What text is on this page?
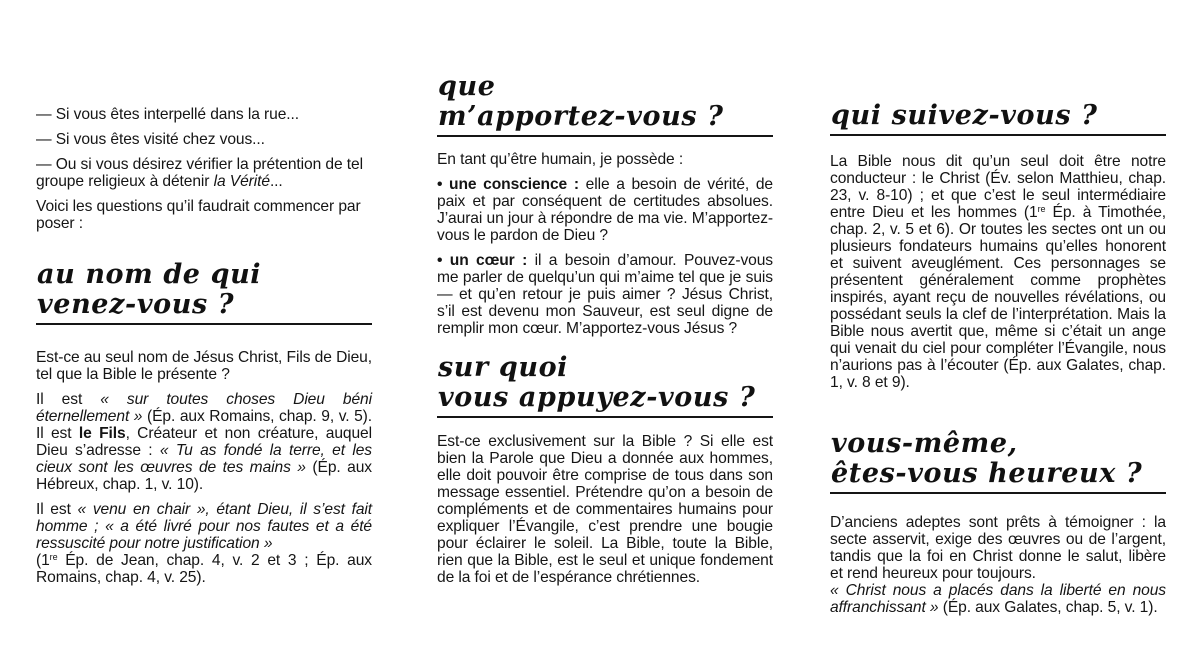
— Si vous êtes interpellé dans la rue...

— Si vous êtes visité chez vous...

— Ou si vous désirez vérifier la prétention de tel groupe religieux à détenir la Vérité...

Voici les questions qu’il faudrait commencer par poser :

au nom de qui
venez-vous ?

Est-ce au seul nom de Jésus Christ, Fils de Dieu, tel que la Bible le présente ?

Il est « sur toutes choses Dieu béni éternellement » (Ép. aux Romains, chap. 9, v. 5). Il est le Fils, Créateur et non créature, auquel Dieu s’adresse : « Tu as fondé la terre, et les cieux sont les œuvres de tes mains » (Ép. aux Hébreux, chap. 1, v. 10).

Il est « venu en chair », étant Dieu, il s’est fait homme ; « a été livré pour nos fautes et a été ressuscité pour notre justification »
(1re Ép. de Jean, chap. 4, v. 2 et 3 ; Ép. aux Romains, chap. 4, v. 25).

que
m’apportez-vous ?

En tant qu’être humain, je possède :

• une conscience : elle a besoin de vérité, de paix et par conséquent de certitudes absolues. J’aurai un jour à répondre de ma vie. M’apportez-vous le pardon de Dieu ?

• un cœur : il a besoin d’amour. Pouvez-vous me parler de quelqu’un qui m’aime tel que je suis — et qu’en retour je puis aimer ? Jésus Christ, s’il est devenu mon Sauveur, est seul digne de remplir mon cœur. M’apportez-vous Jésus ?

sur quoi
vous appuyez-vous ?

Est-ce exclusivement sur la Bible ? Si elle est bien la Parole que Dieu a donnée aux hommes, elle doit pouvoir être comprise de tous dans son message essentiel. Prétendre qu’on a besoin de compléments et de commentaires humains pour expliquer l’Évangile, c’est prendre une bougie pour éclairer le soleil. La Bible, toute la Bible, rien que la Bible, est le seul et unique fondement de la foi et de l’espérance chrétiennes.

qui suivez-vous ?

La Bible nous dit qu’un seul doit être notre conducteur : le Christ (Év. selon Matthieu, chap. 23, v. 8-10) ; et que c’est le seul intermédiaire entre Dieu et les hommes (1re Ép. à Timothée, chap. 2, v. 5 et 6). Or toutes les sectes ont un ou plusieurs fondateurs humains qu’elles honorent et suivent aveuglément. Ces personnages se présentent généralement comme prophètes inspirés, ayant reçu de nouvelles révélations, ou possédant seuls la clef de l’interprétation. Mais la Bible nous avertit que, même si c’était un ange qui venait du ciel pour compléter l’Évangile, nous n’aurions pas à l’écouter (Ép. aux Galates, chap. 1, v. 8 et 9).

vous-même,
êtes-vous heureux ?

D’anciens adeptes sont prêts à témoigner : la secte asservit, exige des œuvres ou de l’argent, tandis que la foi en Christ donne le salut, libère et rend heureux pour toujours.

« Christ nous a placés dans la liberté en nous affranchissant » (Ép. aux Galates, chap. 5, v. 1).
